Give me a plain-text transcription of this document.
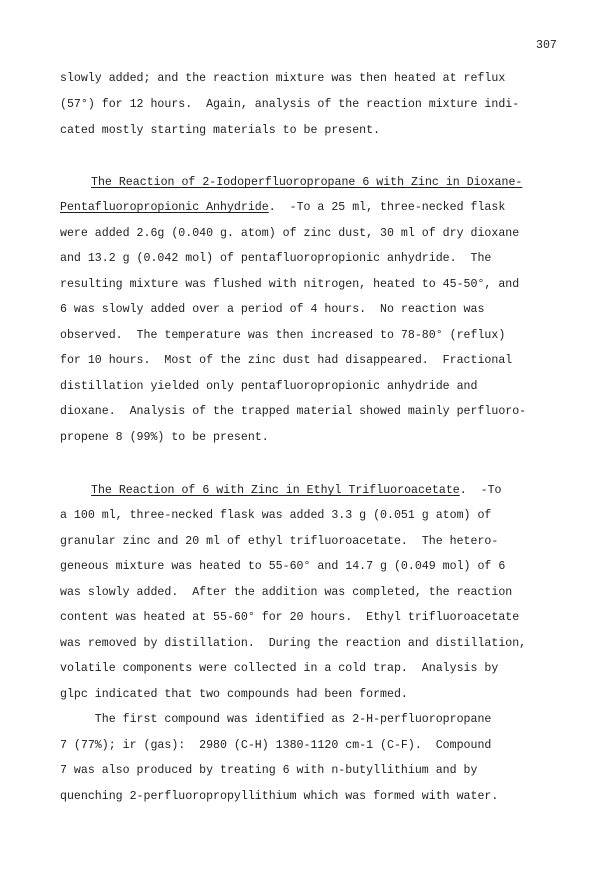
307
slowly added; and the reaction mixture was then heated at reflux
(57°) for 12 hours.  Again, analysis of the reaction mixture indi-
cated mostly starting materials to be present.
The Reaction of 2-Iodoperfluoropropane 6 with Zinc in Dioxane-
Pentafluoropropionic Anhydride.  -To a 25 ml, three-necked flask
were added 2.6g (0.040 g. atom) of zinc dust, 30 ml of dry dioxane
and 13.2 g (0.042 mol) of pentafluoropropionic anhydride.  The
resulting mixture was flushed with nitrogen, heated to 45-50°, and
6 was slowly added over a period of 4 hours.  No reaction was
observed.  The temperature was then increased to 78-80° (reflux)
for 10 hours.  Most of the zinc dust had disappeared.  Fractional
distillation yielded only pentafluoropropionic anhydride and
dioxane.  Analysis of the trapped material showed mainly perfluoro-
propene 8 (99%) to be present.
The Reaction of 6 with Zinc in Ethyl Trifluoroacetate.  -To
a 100 ml, three-necked flask was added 3.3 g (0.051 g atom) of
granular zinc and 20 ml of ethyl trifluoroacetate.  The hetero-
geneous mixture was heated to 55-60° and 14.7 g (0.049 mol) of 6
was slowly added.  After the addition was completed, the reaction
content was heated at 55-60° for 20 hours.  Ethyl trifluoroacetate
was removed by distillation.  During the reaction and distillation,
volatile components were collected in a cold trap.  Analysis by
glpc indicated that two compounds had been formed.
The first compound was identified as 2-H-perfluoropropane
7 (77%); ir (gas):  2980 (C-H) 1380-1120 cm-1 (C-F).  Compound
7 was also produced by treating 6 with n-butyllithium and by
quenching 2-perfluoropropyllithium which was formed with water.
